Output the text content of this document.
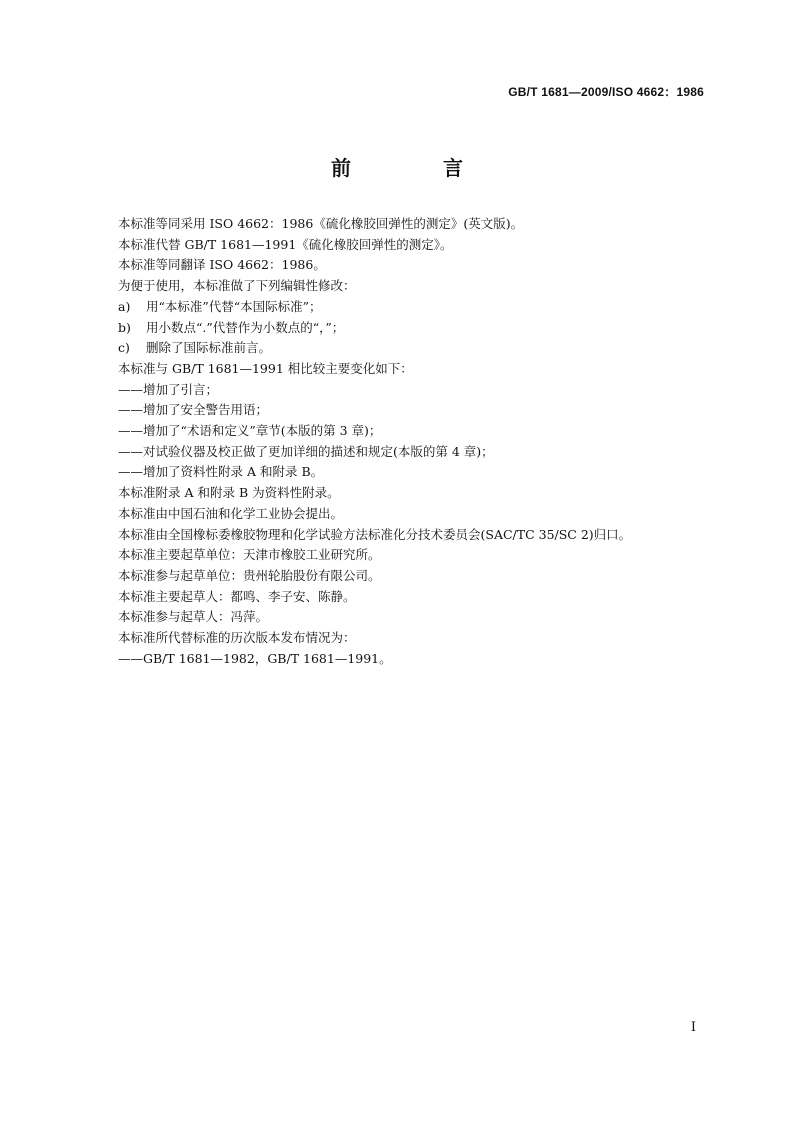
GB/T 1681—2009/ISO 4662：1986
前　言
本标准等同采用 ISO 4662：1986《硫化橡胶回弹性的测定》(英文版)。
本标准代替 GB/T 1681—1991《硫化橡胶回弹性的测定》。
本标准等同翻译 ISO 4662：1986。
为便于使用，本标准做了下列编辑性修改：
a) 用“本标准”代替“本国际标准”；
b) 用小数点“.”代替作为小数点的“，”；
c) 删除了国际标准前言。
本标准与 GB/T 1681—1991 相比较主要变化如下：
——增加了引言；
——增加了安全警告用语；
——增加了“术语和定义”章节(本版的第 3 章)；
——对试验仪器及校正做了更加详细的描述和规定(本版的第 4 章)；
——增加了资料性附录 A 和附录 B。
本标准附录 A 和附录 B 为资料性附录。
本标准由中国石油和化学工业协会提出。
本标准由全国橡标委橡胶物理和化学试验方法标准化分技术委员会(SAC/TC 35/SC 2)归口。
本标准主要起草单位：天津市橡胶工业研究所。
本标准参与起草单位：贵州轮胎股份有限公司。
本标准主要起草人：都鸣、李子安、陈静。
本标准参与起草人：冯萍。
本标准所代替标准的历次版本发布情况为：
——GB/T 1681—1982，GB/T 1681—1991。
I
